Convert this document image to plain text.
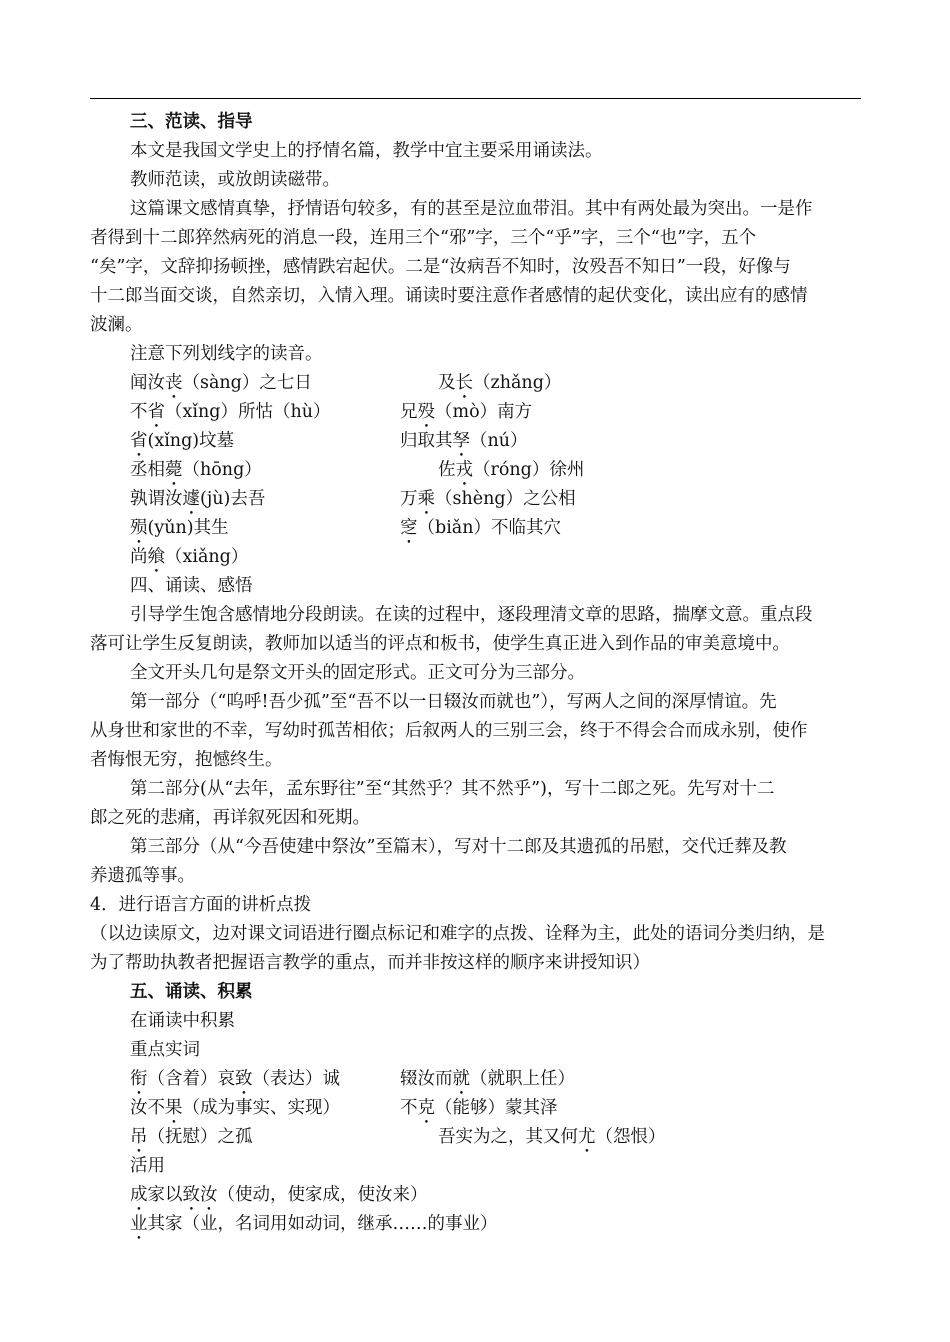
三、范读、指导
本文是我国文学史上的抒情名篇，教学中宜主要采用诵读法。
教师范读，或放朗读磁带。
这篇课文感情真挚，抒情语句较多，有的甚至是泣血带泪。其中有两处最为突出。一是作
者得到十二郎猝然病死的消息一段，连用三个“邪”字，三个“乎”字，三个“也”字，五个
“矣”字，文辞抑扬顿挫，感情跌宕起伏。二是“汝病吾不知时，汝殁吾不知日”一段，好像与
十二郎当面交谈，自然亲切，入情入理。诵读时要注意作者感情的起伏变化，读出应有的感情
波澜。
注意下列划线字的读音。
闻汝丧（sàng）之七日	及长（zhǎng）
不省（xǐng）所怙（hù）	兄殁（mò）南方
省(xǐng)坟墓	归取其孥（nú）
丞相薨（hōng）	佐戎（róng）徐州
孰谓汝遽(jù)去吾	万乘（shèng）之公相
殒(yǔn)其生	窆（biǎn）不临其穴
尚飨（xiǎng）
四、诵读、感悟
引导学生饱含感情地分段朗读。在读的过程中，逐段理清文章的思路，揣摩文意。重点段
落可让学生反复朗读，教师加以适当的评点和板书，使学生真正进入到作品的审美意境中。
全文开头几句是祭文开头的固定形式。正文可分为三部分。
第一部分（“呜呼!吾少孤”至“吾不以一日辍汝而就也”），写两人之间的深厚情谊。先
从身世和家世的不幸，写幼时孤苦相依；后叙两人的三别三会，终于不得会合而成永别，使作
者悔恨无穷，抱憾终生。
第二部分(从“去年，孟东野往”至“其然乎？其不然乎”)，写十二郎之死。先写对十二
郎之死的悲痛，再详叙死因和死期。
第三部分（从“今吾使建中祭汝”至篇末），写对十二郎及其遗孤的吊慰，交代迁葬及教
养遗孤等事。
4．进行语言方面的讲析点拨
（以边读原文，边对课文词语进行圈点标记和难字的点拨、诠释为主，此处的语词分类归纳，是
为了帮助执教者把握语言教学的重点，而并非按这样的顺序来讲授知识）
五、诵读、积累
在诵读中积累
重点实词
衔（含着）哀致（表达）诚	辍汝而就（就职上任）
汝不果（成为事实、实现）	不克（能够）蒙其泽
吊（抚慰）之孤	吾实为之，其又何尤（怨恨）
活用
成家以致汝（使动，使家成，使汝来）
业其家（业，名词用如动词，继承……的事业）
